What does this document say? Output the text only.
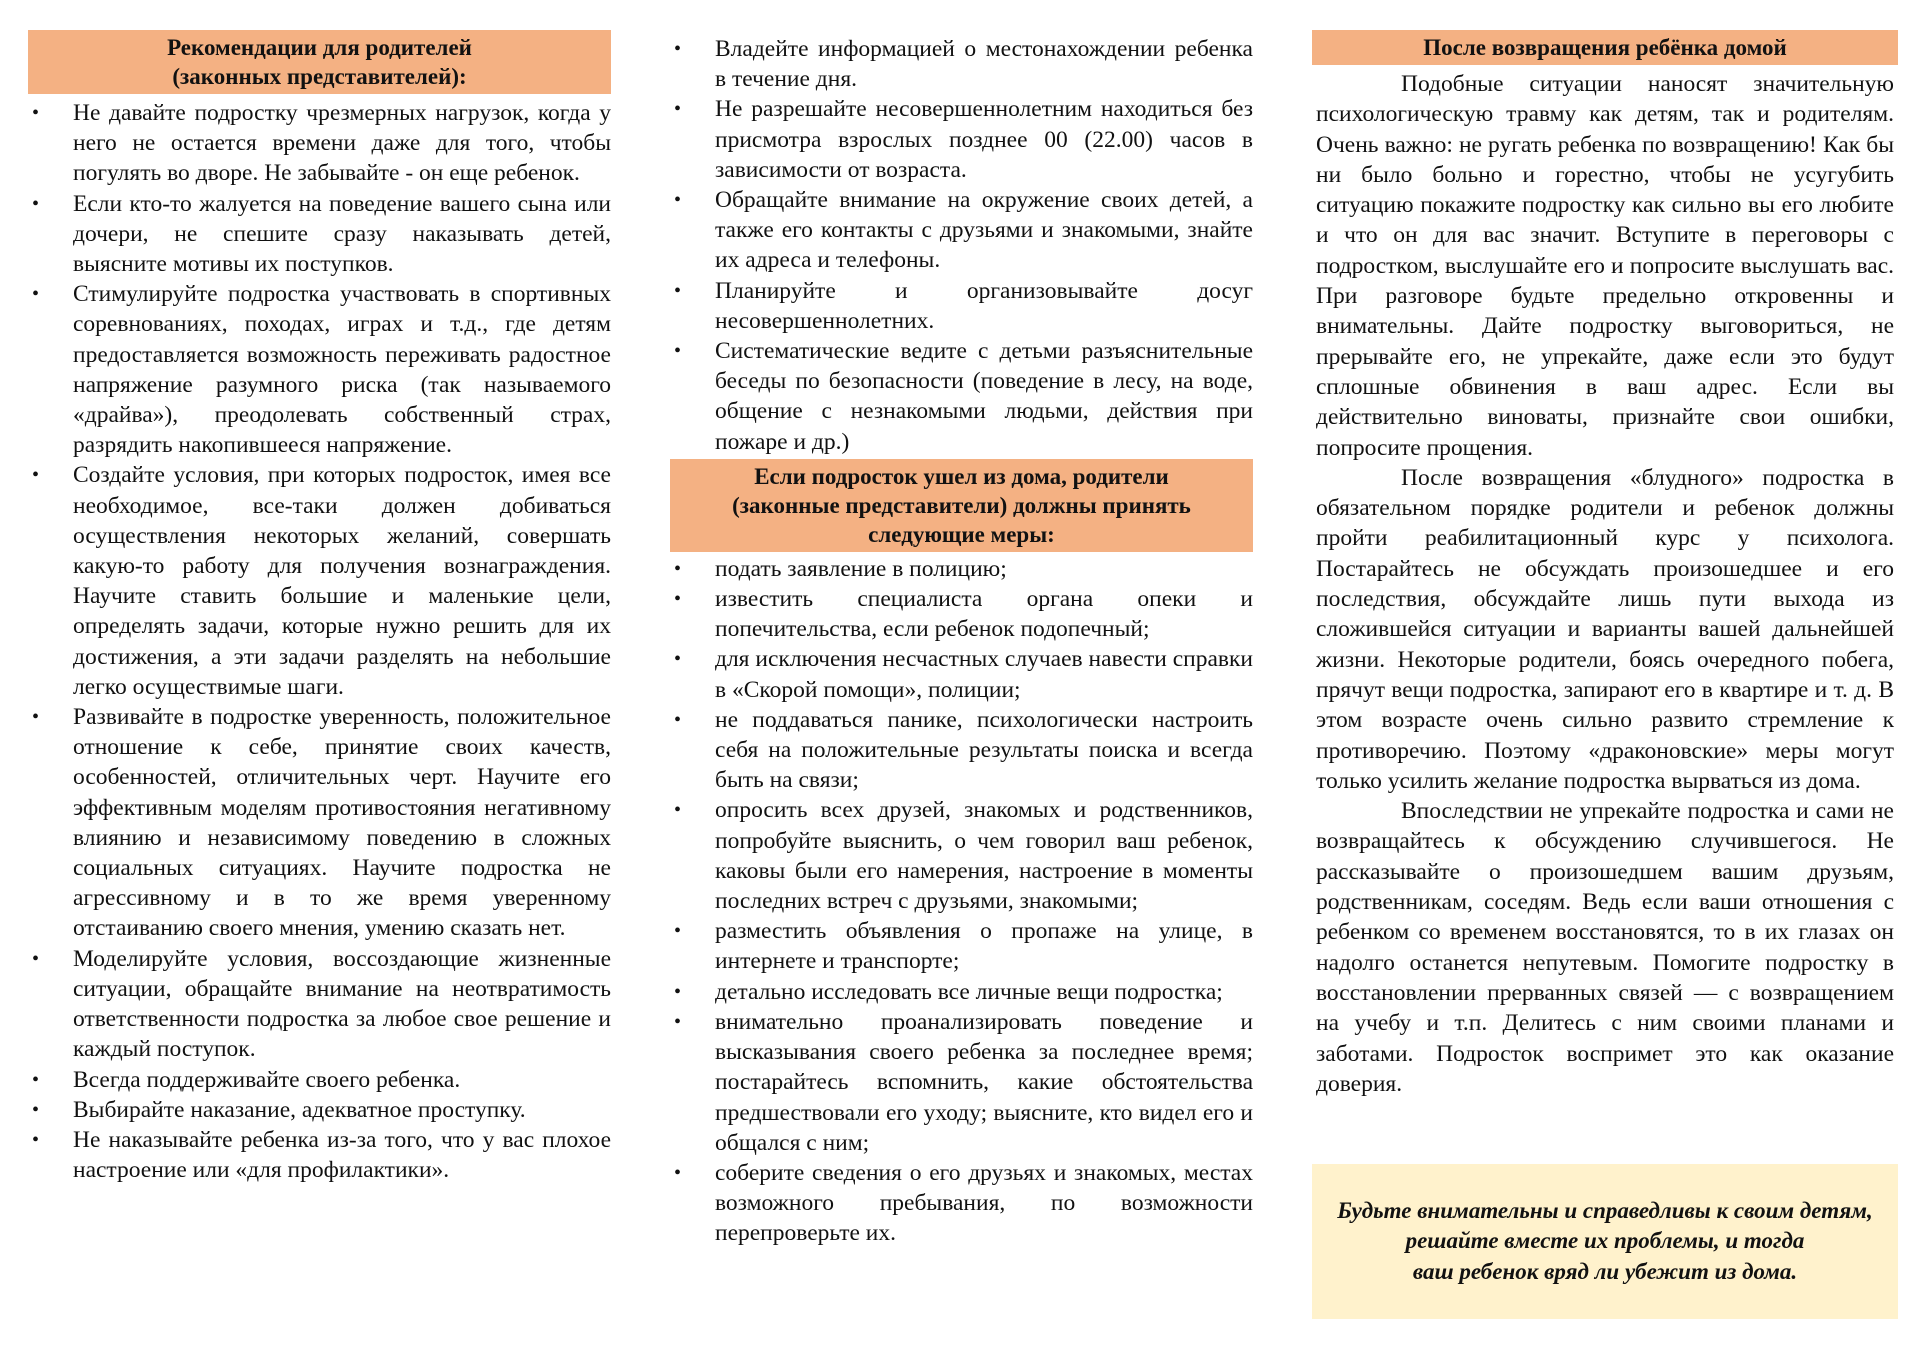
Рекомендации для родителей
(законных представителей):
• Не давайте подростку чрезмерных нагрузок, когда у него не остается времени даже для того, чтобы погулять во дворе. Не забывайте - он еще ребенок.
• Если кто-то жалуется на поведение вашего сына или дочери, не спешите сразу наказывать детей, выясните мотивы их поступков.
• Стимулируйте подростка участвовать в спортивных соревнованиях, походах, играх и т.д., где детям предоставляется возможность переживать радостное напряжение разумного риска (так называемого «драйва»), преодолевать собственный страх, разрядить накопившееся напряжение.
• Создайте условия, при которых подросток, имея все необходимое, все-таки должен добиваться осуществления некоторых желаний, совершать какую-то работу для получения вознаграждения. Научите ставить большие и маленькие цели, определять задачи, которые нужно решить для их достижения, а эти задачи разделять на небольшие легко осуществимые шаги.
• Развивайте в подростке уверенность, положительное отношение к себе, принятие своих качеств, особенностей, отличительных черт. Научите его эффективным моделям противостояния негативному влиянию и независимому поведению в сложных социальных ситуациях. Научите подростка не агрессивному и в то же время уверенному отстаиванию своего мнения, умению сказать нет.
• Моделируйте условия, воссоздающие жизненные ситуации, обращайте внимание на неотвратимость ответственности подростка за любое свое решение и каждый поступок.
• Всегда поддерживайте своего ребенка.
• Выбирайте наказание, адекватное проступку.
• Не наказывайте ребенка из-за того, что у вас плохое настроение или «для профилактики».
• Владейте информацией о местонахождении ребенка в течение дня.
• Не разрешайте несовершеннолетним находиться без присмотра взрослых позднее 00 (22.00) часов в зависимости от возраста.
• Обращайте внимание на окружение своих детей, а также его контакты с друзьями и знакомыми, знайте их адреса и телефоны.
• Планируйте и организовывайте досуг несовершеннолетних.
• Систематические ведите с детьми разъяснительные беседы по безопасности (поведение в лесу, на воде, общение с незнакомыми людьми, действия при пожаре и др.)
Если подросток ушел из дома, родители
(законные представители) должны принять
следующие меры:
• подать заявление в полицию;
• известить специалиста органа опеки и попечительства, если ребенок подопечный;
• для исключения несчастных случаев навести справки в «Скорой помощи», полиции;
• не поддаваться панике, психологически настроить себя на положительные результаты поиска и всегда быть на связи;
• опросить всех друзей, знакомых и родственников, попробуйте выяснить, о чем говорил ваш ребенок, каковы были его намерения, настроение в моменты последних встреч с друзьями, знакомыми;
• разместить объявления о пропаже на улице, в интернете и транспорте;
• детально исследовать все личные вещи подростка;
• внимательно проанализировать поведение и высказывания своего ребенка за последнее время; постарайтесь вспомнить, какие обстоятельства предшествовали его уходу; выясните, кто видел его и общался с ним;
• соберите сведения о его друзьях и знакомых, местах возможного пребывания, по возможности перепроверьте их.
После возвращения ребёнка домой

Подобные ситуации наносят значительную психологическую травму как детям, так и родителям. Очень важно: не ругать ребенка по возвращению! Как бы ни было больно и горестно, чтобы не усугубить ситуацию покажите подростку как сильно вы его любите и что он для вас значит. Вступите в переговоры с подростком, выслушайте его и попросите выслушать вас. При разговоре будьте предельно откровенны и внимательны. Дайте подростку выговориться, не прерывайте его, не упрекайте, даже если это будут сплошные обвинения в ваш адрес. Если вы действительно виноваты, признайте свои ошибки, попросите прощения.

После возвращения «блудного» подростка в обязательном порядке родители и ребенок должны пройти реабилитационный курс у психолога. Постарайтесь не обсуждать произошедшее и его последствия, обсуждайте лишь пути выхода из сложившейся ситуации и варианты вашей дальнейшей жизни. Некоторые родители, боясь очередного побега, прячут вещи подростка, запирают его в квартире и т. д. В этом возрасте очень сильно развито стремление к противоречию. Поэтому «драконовские» меры могут только усилить желание подростка вырваться из дома.

Впоследствии не упрекайте подростка и сами не возвращайтесь к обсуждению случившегося. Не рассказывайте о произошедшем вашим друзьям, родственникам, соседям. Ведь если ваши отношения с ребенком со временем восстановятся, то в их глазах он надолго останется непутевым. Помогите подростку в восстановлении прерванных связей — с возвращением на учебу и т.п. Делитесь с ним своими планами и заботами. Подросток воспримет это как оказание доверия.

Будьте внимательны и справедливы к своим детям, решайте вместе их проблемы, и тогда
ваш ребенок вряд ли убежит из дома.
